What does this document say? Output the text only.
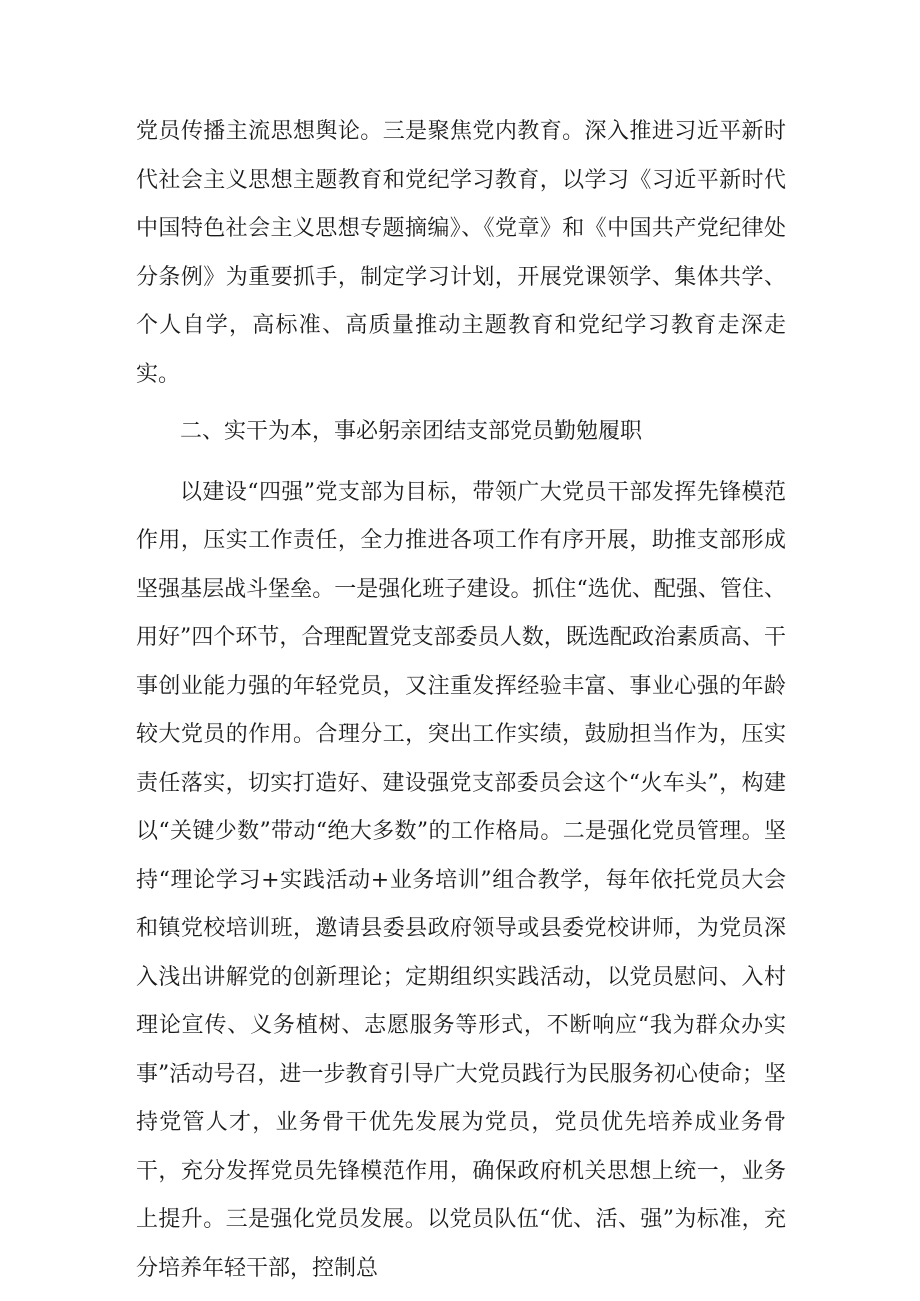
党员传播主流思想舆论。三是聚焦党内教育。深入推进习近平新时代社会主义思想主题教育和党纪学习教育，以学习《习近平新时代中国特色社会主义思想专题摘编》、《党章》和《中国共产党纪律处分条例》为重要抓手，制定学习计划，开展党课领学、集体共学、个人自学，高标准、高质量推动主题教育和党纪学习教育走深走实。

二、实干为本，事必躬亲团结支部党员勤勉履职

以建设“四强”党支部为目标，带领广大党员干部发挥先锋模范作用，压实工作责任，全力推进各项工作有序开展，助推支部形成坚强基层战斗堡垒。一是强化班子建设。抓住“选优、配强、管住、用好”四个环节，合理配置党支部委员人数，既选配政治素质高、干事创业能力强的年轻党员，又注重发挥经验丰富、事业心强的年龄较大党员的作用。合理分工，突出工作实绩，鼓励担当作为，压实责任落实，切实打造好、建设强党支部委员会这个“火车头”，构建以“关键少数”带动“绝大多数”的工作格局。二是强化党员管理。坚持“理论学习+实践活动+业务培训”组合教学，每年依托党员大会和镇党校培训班，邀请县委县政府领导或县委党校讲师，为党员深入浅出讲解党的创新理论；定期组织实践活动，以党员慰问、入村理论宣传、义务植树、志愿服务等形式，不断响应“我为群众办实事”活动号召，进一步教育引导广大党员践行为民服务初心使命；坚持党管人才，业务骨干优先发展为党员，党员优先培养成业务骨干，充分发挥党员先锋模范作用，确保政府机关思想上统一，业务上提升。三是强化党员发展。以党员队伍“优、活、强”为标准，充分培养年轻干部，控制总
